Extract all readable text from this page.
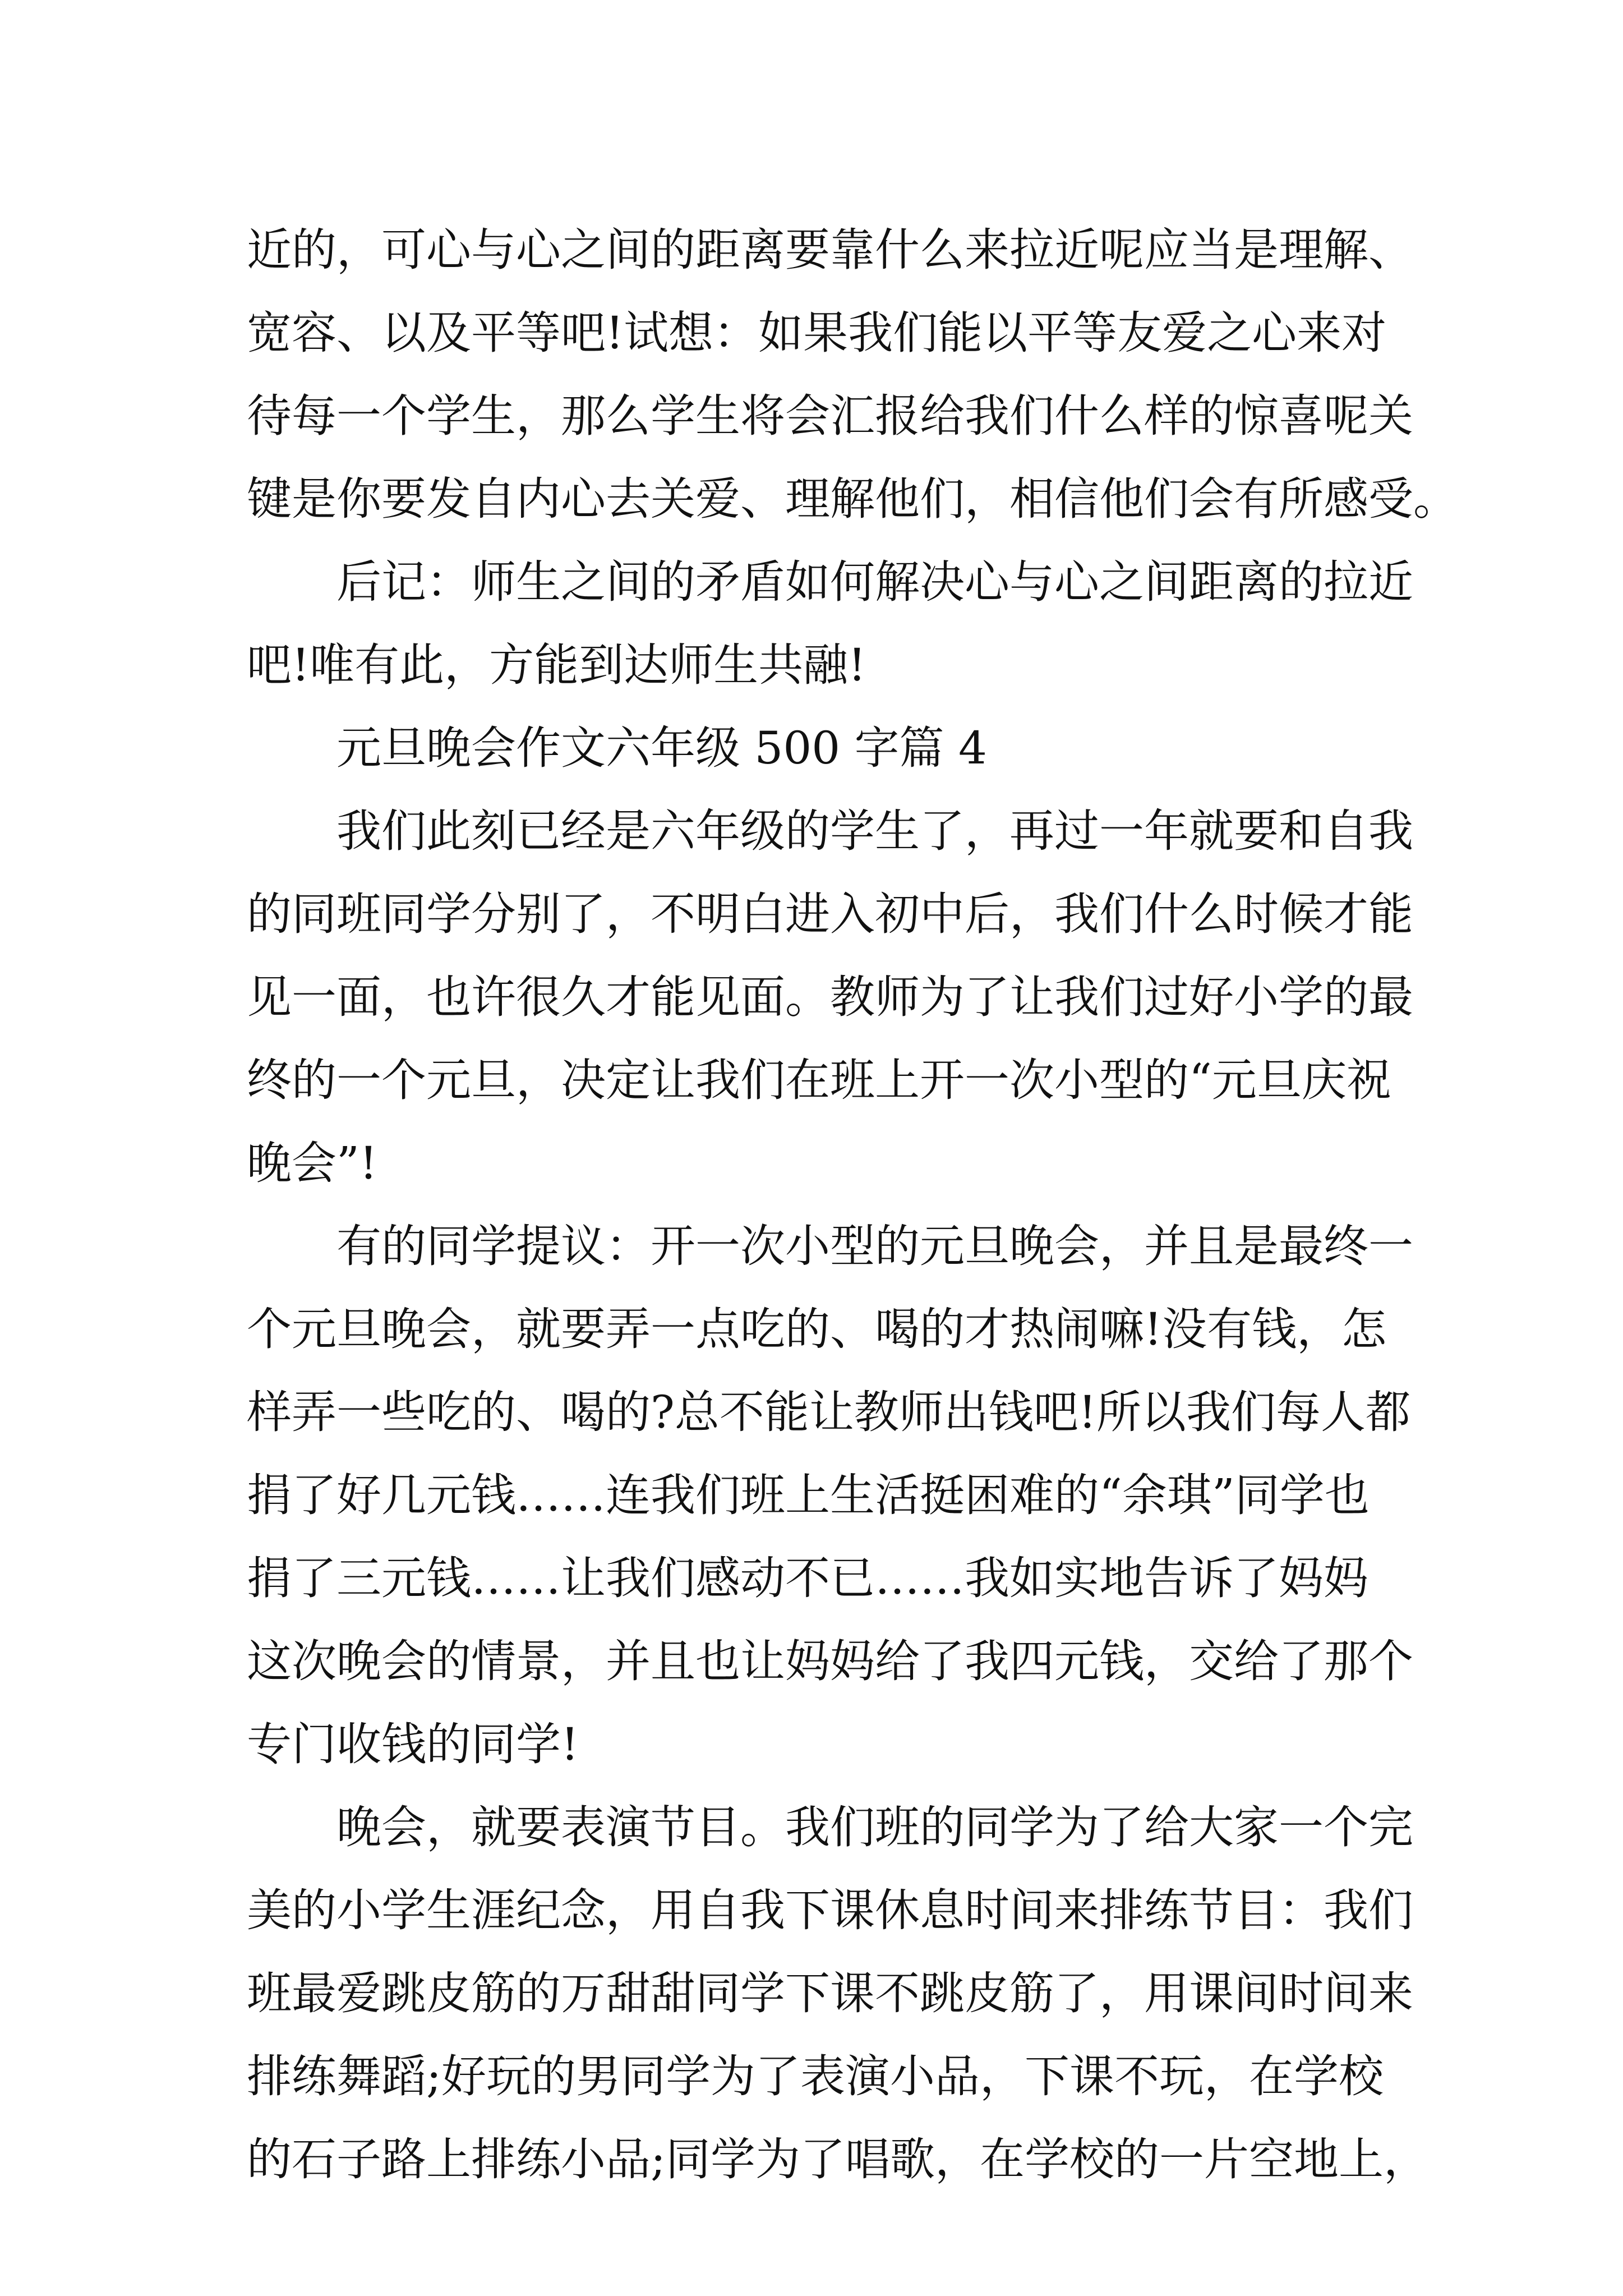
近的，可心与心之间的距离要靠什么来拉近呢应当是理解、
宽容、以及平等吧!试想：如果我们能以平等友爱之心来对
待每一个学生，那么学生将会汇报给我们什么样的惊喜呢关
键是你要发自内心去关爱、理解他们，相信他们会有所感受。
后记：师生之间的矛盾如何解决心与心之间距离的拉近
吧!唯有此，方能到达师生共融!
元旦晚会作文六年级 500 字篇 4
我们此刻已经是六年级的学生了，再过一年就要和自我
的同班同学分别了，不明白进入初中后，我们什么时候才能
见一面，也许很久才能见面。教师为了让我们过好小学的最
终的一个元旦，决定让我们在班上开一次小型的“元旦庆祝
晚会”!
有的同学提议：开一次小型的元旦晚会，并且是最终一
个元旦晚会，就要弄一点吃的、喝的才热闹嘛!没有钱，怎
样弄一些吃的、喝的?总不能让教师出钱吧!所以我们每人都
捐了好几元钱……连我们班上生活挺困难的“余琪”同学也
捐了三元钱……让我们感动不已……我如实地告诉了妈妈
这次晚会的情景，并且也让妈妈给了我四元钱，交给了那个
专门收钱的同学!
晚会，就要表演节目。我们班的同学为了给大家一个完
美的小学生涯纪念，用自我下课休息时间来排练节目：我们
班最爱跳皮筋的万甜甜同学下课不跳皮筋了，用课间时间来
排练舞蹈;好玩的男同学为了表演小品，下课不玩，在学校
的石子路上排练小品;同学为了唱歌，在学校的一片空地上，
